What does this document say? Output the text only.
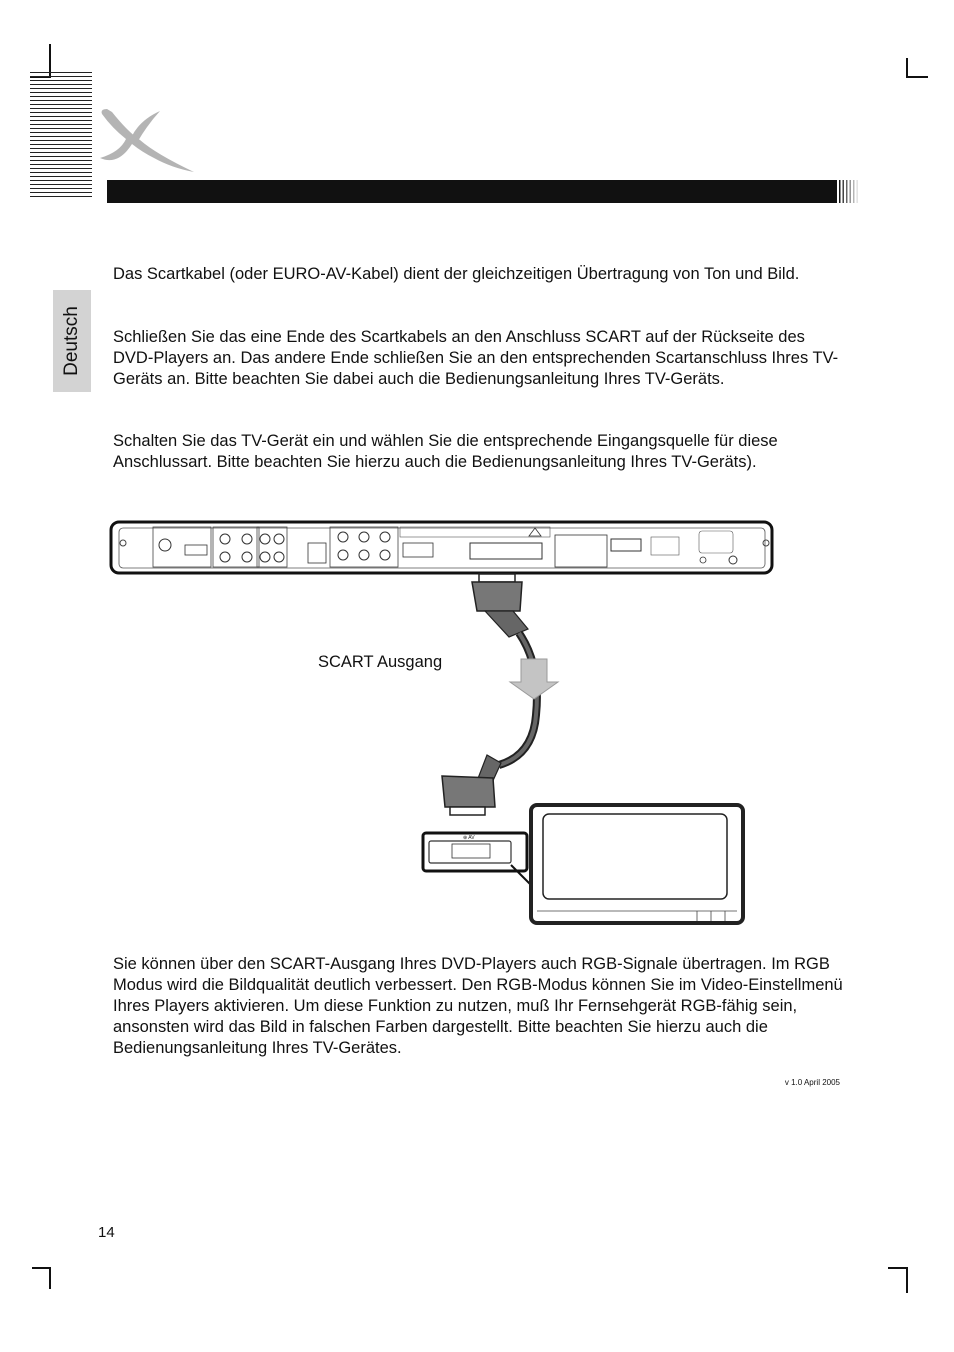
Deutsch

Das Scartkabel (oder EURO-AV-Kabel) dient der gleichzeitigen Übertragung von Ton und Bild.

Schließen Sie das eine Ende des Scartkabels an den Anschluss SCART auf der Rückseite des DVD-Players an. Das andere Ende schließen Sie an den entsprechenden Scartanschluss Ihres TV-Geräts an. Bitte beachten Sie dabei auch die Bedienungsanleitung Ihres TV-Geräts.

Schalten Sie das TV-Gerät ein und wählen Sie die entsprechende Eingangsquelle für diese Anschlussart. Bitte beachten Sie hierzu auch die Bedienungsanleitung Ihres TV-Geräts).

⊕ AV
SCART Ausgang

Sie können über den SCART-Ausgang Ihres DVD-Players auch RGB-Signale übertragen. Im RGB Modus wird die Bildqualität deutlich verbessert. Den RGB-Modus können Sie im Video-Einstellmenü Ihres Players aktivieren. Um diese Funktion zu nutzen, muß Ihr Fernsehgerät RGB-fähig sein, ansonsten wird das Bild in falschen Farben dargestellt. Bitte beachten Sie hierzu auch die Bedienungsanleitung Ihres TV-Gerätes.

v 1.0 April 2005
14
